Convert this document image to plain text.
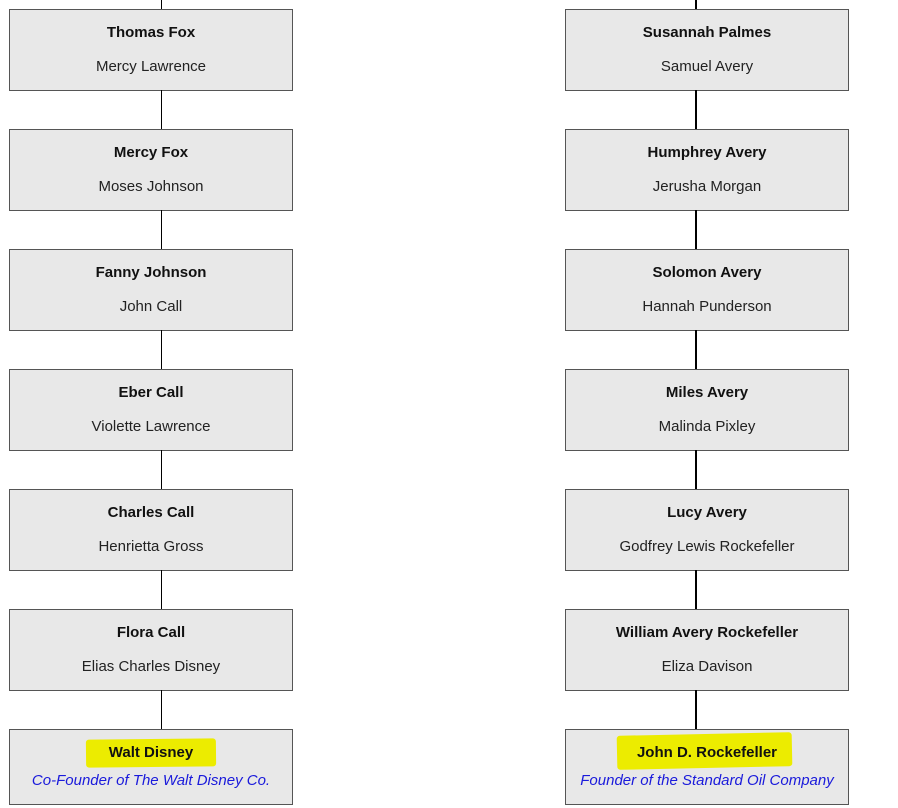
Thomas Fox
Mercy Lawrence
Mercy Fox
Moses Johnson
Fanny Johnson
John Call
Eber Call
Violette Lawrence
Charles Call
Henrietta Gross
Flora Call
Elias Charles Disney
Walt Disney
Co-Founder of The Walt Disney Co.
Susannah Palmes
Samuel Avery
Humphrey Avery
Jerusha Morgan
Solomon Avery
Hannah Punderson
Miles Avery
Malinda Pixley
Lucy Avery
Godfrey Lewis Rockefeller
William Avery Rockefeller
Eliza Davison
John D. Rockefeller
Founder of the Standard Oil Company
